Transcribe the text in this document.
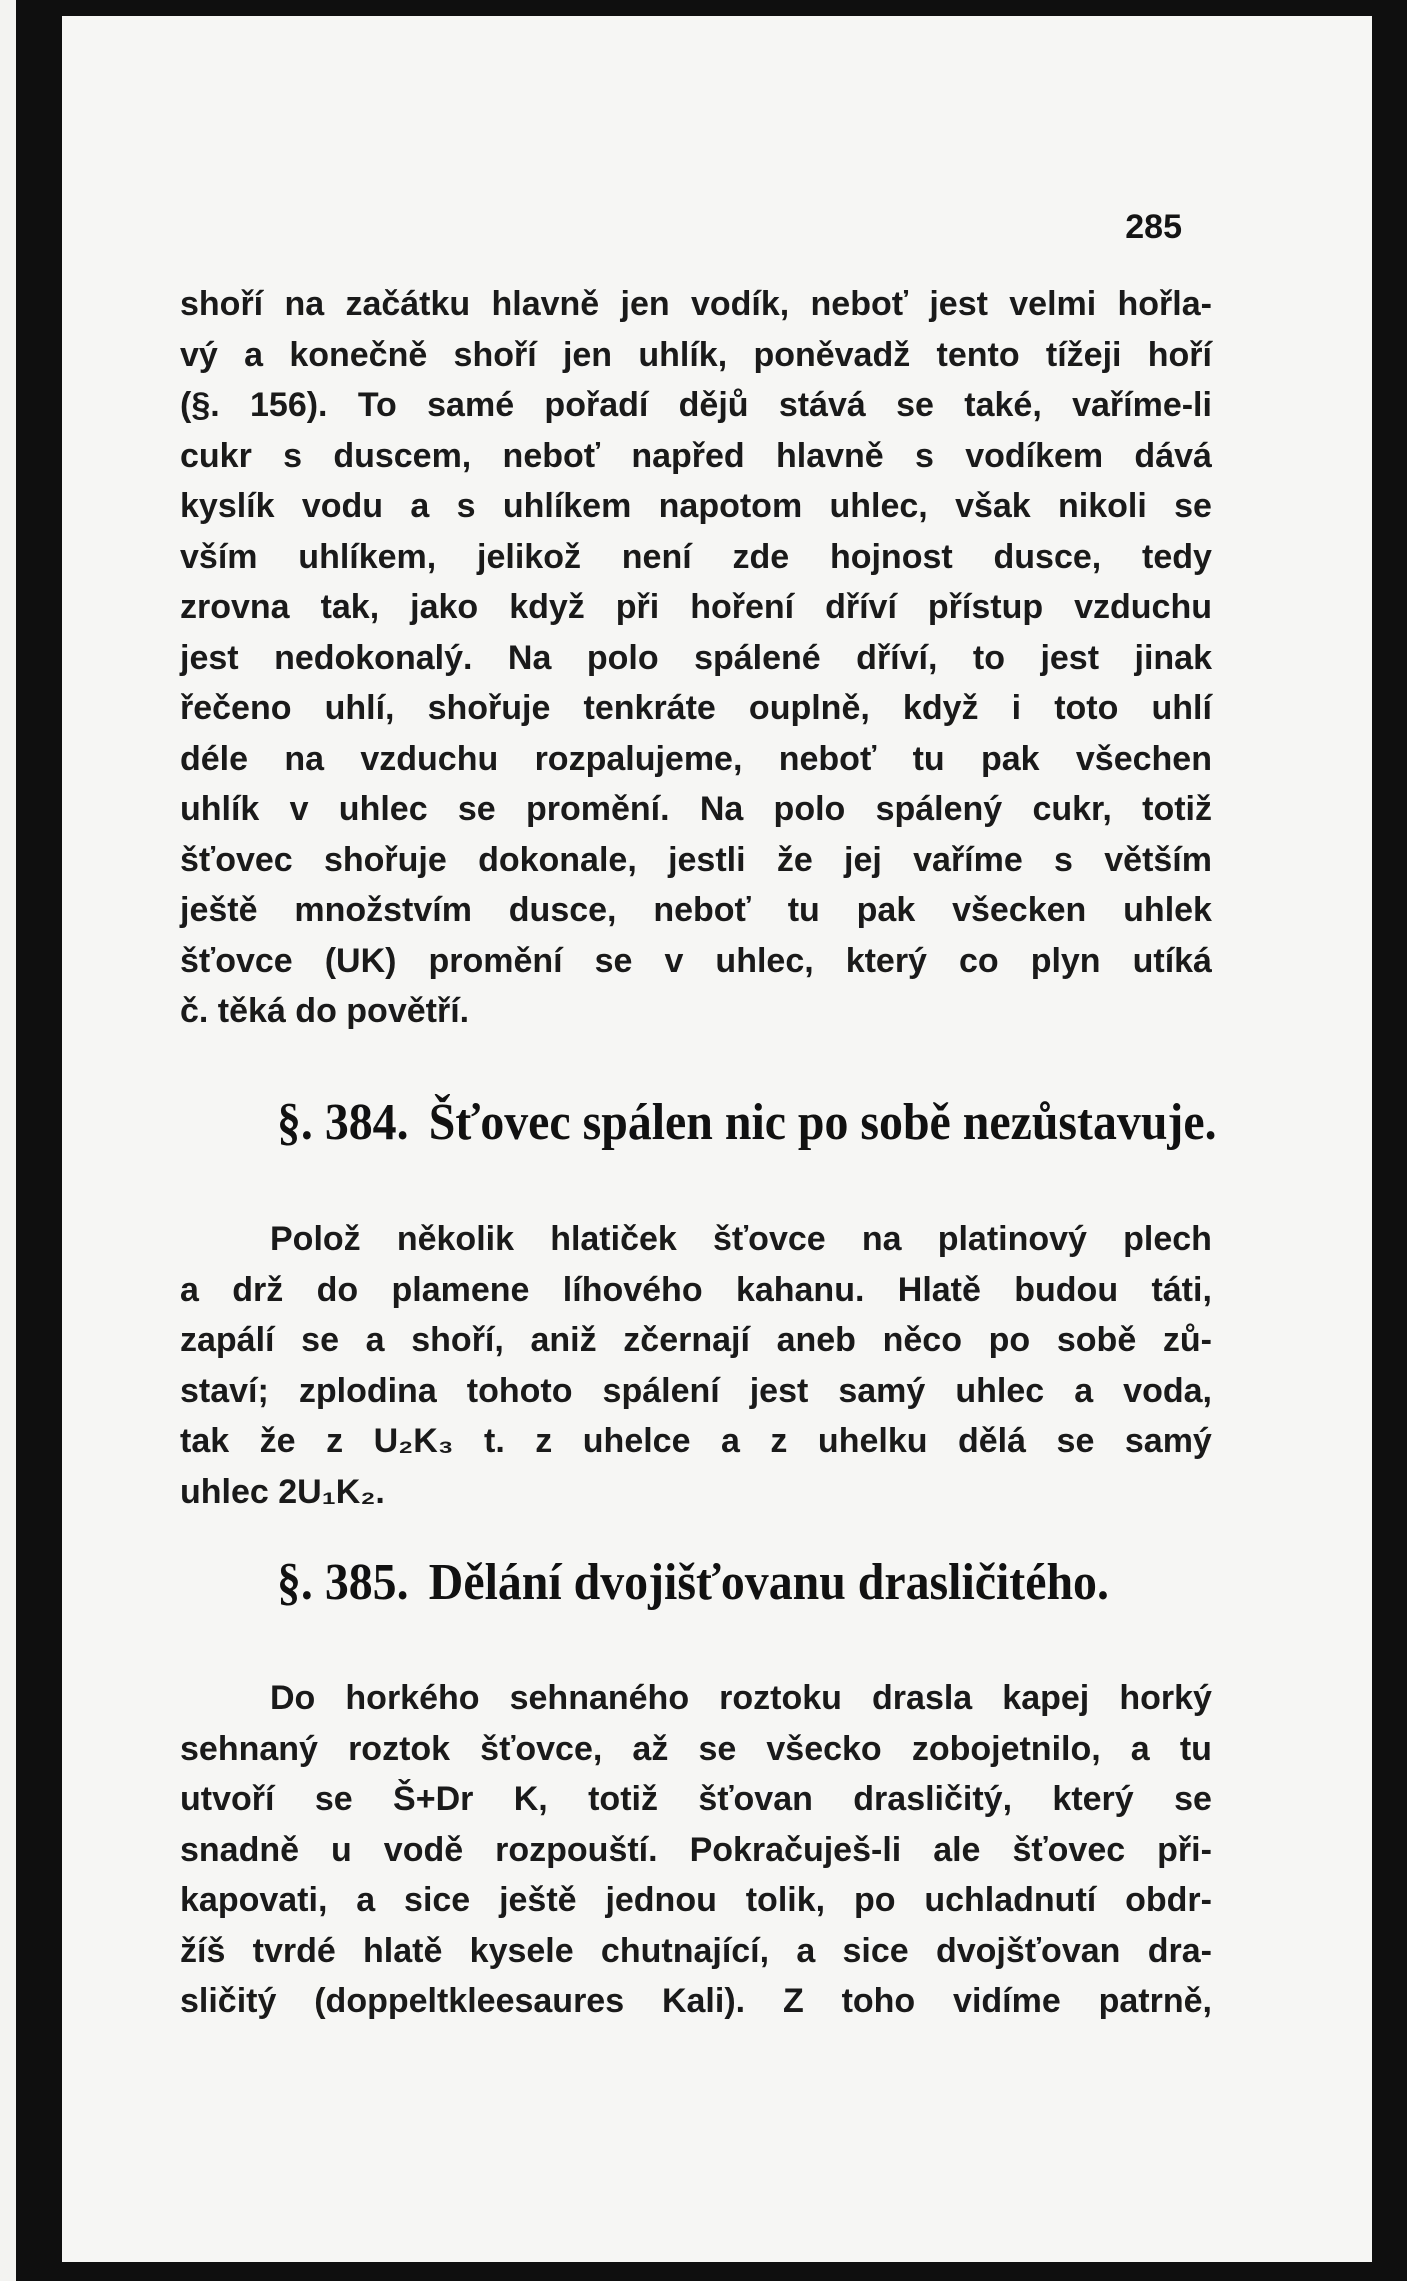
285

shoří na začátku hlavně jen vodík, neboť jest velmi hořla-
vý a konečně shoří jen uhlík, poněvadž tento tížeji hoří
(§. 156). To samé pořadí dějů stává se také, vaříme-li
cukr s duscem, neboť napřed hlavně s vodíkem dává
kyslík vodu a s uhlíkem napotom uhlec, však nikoli se
vším uhlíkem, jelikož není zde hojnost dusce, tedy
zrovna tak, jako když při hoření dříví přístup vzduchu
jest nedokonalý. Na polo spálené dříví, to jest jinak
řečeno uhlí, shořuje tenkráte ouplně, když i toto uhlí
déle na vzduchu rozpalujeme, neboť tu pak všechen
uhlík v uhlec se promění. Na polo spálený cukr, totiž
šťovec shořuje dokonale, jestli že jej vaříme s větším
ještě množstvím dusce, neboť tu pak všecken uhlek
šťovce (UK) promění se v uhlec, který co plyn utíká
č. těká do povětří.
§. 384. Šťovec spálen nic po sobě nezůstavuje.
Polož několik hlatiček šťovce na platinový plech
a drž do plamene líhového kahanu. Hlatě budou táti,
zapálí se a shoří, aniž zčernají aneb něco po sobě zů-
staví; zplodina tohoto spálení jest samý uhlec a voda,
tak že z U₂K₃ t. z uhelce a z uhelku dělá se samý
uhlec 2U₁K₂.
§. 385. Dělání dvojišťovanu drasličitého.
Do horkého sehnaného roztoku drasla kapej horký
sehnaný roztok šťovce, až se všecko zobojetnilo, a tu
utvoří se Š+Dr K, totiž šťovan drasličitý, který se
snadně u vodě rozpouští. Pokračuješ-li ale šťovec při-
kapovati, a sice ještě jednou tolik, po uchladnutí obdr-
žíš tvrdé hlatě kysele chutnající, a sice dvojšťovan dra-
sličitý (doppeltkleesaures Kali). Z toho vidíme patrně,
